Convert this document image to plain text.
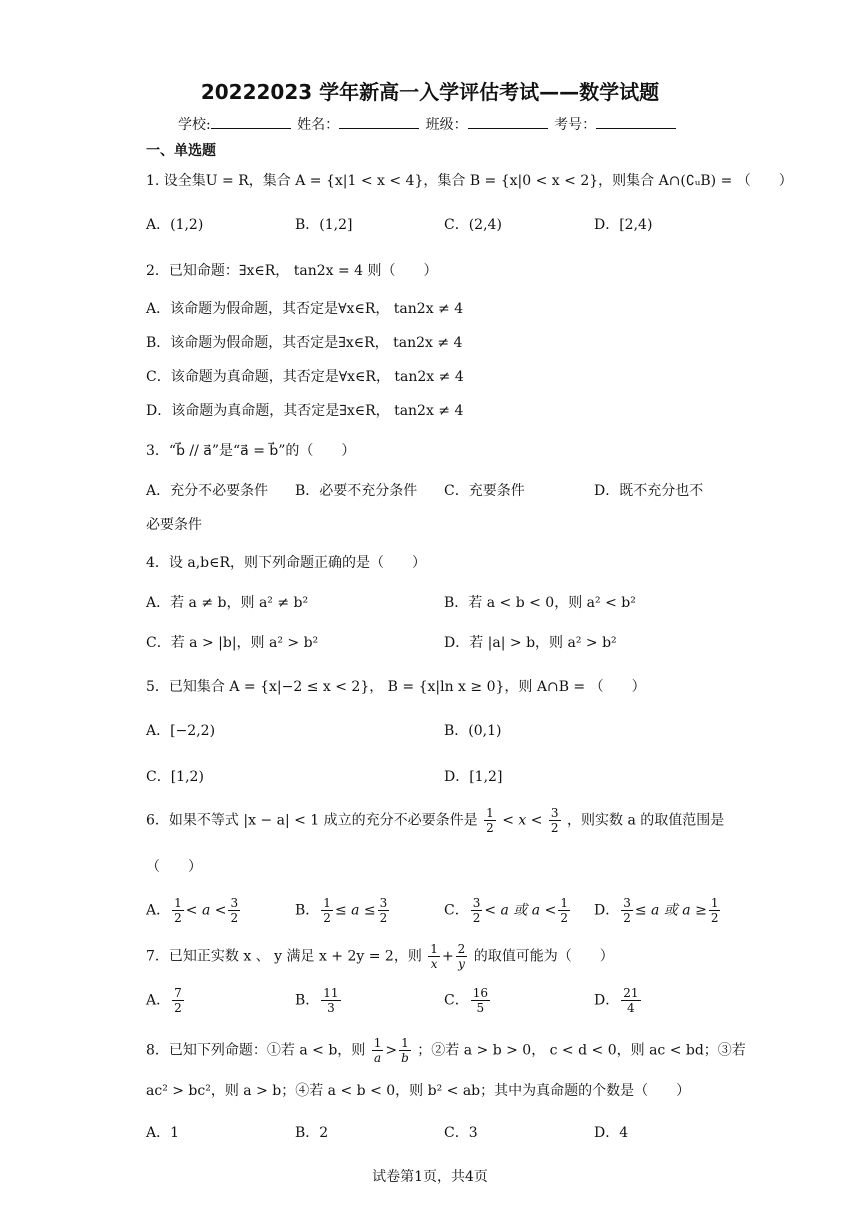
20222023 学年新高一入学评估考试——数学试题
学校:	姓名：	班级：	考号：
一、单选题
1. 设全集U = R，集合 A = {x|1 < x < 4}，集合 B = {x|0 < x < 2}，则集合 A∩(∁ᵤB) = （　　）
A．(1,2)	B．(1,2]	C．(2,4)	D．[2,4)
2．已知命题：∃x∈R， tan2x = 4 则（　　）
A．该命题为假命题，其否定是∀x∈R， tan2x ≠ 4
B．该命题为假命题，其否定是∃x∈R， tan2x ≠ 4
C．该命题为真命题，其否定是∀x∈R， tan2x ≠ 4
D．该命题为真命题，其否定是∃x∈R， tan2x ≠ 4
3．“b⃗ // a⃗”是“a⃗ = b⃗”的（　　）
A．充分不必要条件 B．必要不充分条件 C．充要条件	D．既不充分也不
必要条件
4．设 a,b∈R，则下列命题正确的是（　　）
A．若 a ≠ b，则 a² ≠ b²	B．若 a < b < 0，则 a² < b²
C．若 a > |b|，则 a² > b²	D．若 |a| > b，则 a² > b²
5．已知集合 A = {x|−2 ≤ x < 2}， B = {x|ln x ≥ 0}，则 A∩B = （　　）
A．[−2,2)	B．(0,1)
C．[1,2)	D．[1,2]
6．如果不等式 |x − a| < 1 成立的充分不必要条件是 $\frac{1}{2} < x < \frac{3}{2}$ ，则实数 a 的取值范围是
（　　）
A． $\frac{1}{2} < a < \frac{3}{2}$	B． $\frac{1}{2} \le a \le \frac{3}{2}$	C． $\frac{3}{2} < a$ 或 $a < \frac{1}{2}$ D． $\frac{3}{2} \le a$ 或 $a \ge \frac{1}{2}$
7．已知正实数 x 、 y 满足 x + 2y = 2，则 $\frac{1}{x} + \frac{2}{y}$ 的取值可能为（　　）
A． $\frac{7}{2}$	B． $\frac{11}{3}$	C． $\frac{16}{5}$	D． $\frac{21}{4}$
8．已知下列命题：①若 a < b，则 $\frac{1}{a} > \frac{1}{b}$ ；②若 a > b > 0， c < d < 0，则 ac < bd；③若
ac² > bc²，则 a > b；④若 a < b < 0，则 b² < ab；其中为真命题的个数是（　　）
A．1	B．2	C．3	D．4
试卷第1页，共4页
